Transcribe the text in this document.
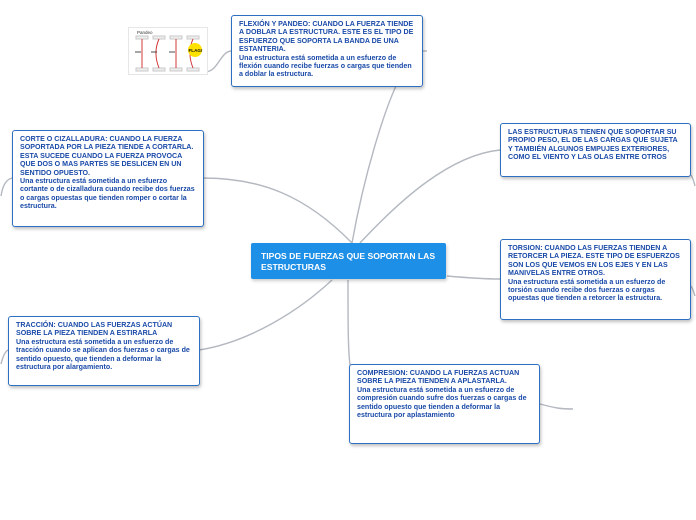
Pandeo
FLAG!
TIPOS DE FUERZAS QUE SOPORTAN LAS ESTRUCTURAS
FLEXIÓN Y PANDEO: CUANDO LA FUERZA TIENDE A DOBLAR LA ESTRUCTURA. ESTE ES EL TIPO DE ESFUERZO QUE SOPORTA LA BANDA DE UNA ESTANTERIA.
Una estructura está sometida a un esfuerzo de flexión cuando recibe fuerzas o cargas que tienden a doblar la estructura.
CORTE O CIZALLADURA: CUANDO LA FUERZA SOPORTADA POR LA PIEZA TIENDE A CORTARLA. ESTA SUCEDE CUANDO LA FUERZA PROVOCA QUE DOS O MAS PARTES SE DESLICEN EN UN SENTIDO OPUESTO.
Una estructura está sometida a un esfuerzo cortante o de cizalladura cuando recibe dos fuerzas o cargas opuestas que tienden romper o cortar la estructura.
LAS ESTRUCTURAS TIENEN QUE SOPORTAR SU PROPIO PESO, EL DE LAS CARGAS QUE SUJETA Y TAMBIÉN ALGUNOS EMPUJES EXTERIORES, COMO EL VIENTO Y LAS OLAS ENTRE OTROS
TORSION: CUANDO LAS FUERZAS TIENDEN A RETORCER LA PIEZA. ESTE TIPO DE ESFUERZOS SON LOS QUE VEMOS EN LOS EJES Y EN LAS MANIVELAS ENTRE OTROS.
Una estructura está sometida a un esfuerzo de torsión cuando recibe dos fuerzas o cargas opuestas que tienden a retorcer la estructura.
TRACCIÓN: CUANDO LAS FUERZAS ACTÚAN SOBRE LA PIEZA TIENDEN A ESTIRARLA
Una estructura está sometida a un esfuerzo de tracción cuando se aplican dos fuerzas o cargas de sentido opuesto, que tienden a deformar la estructura por alargamiento.
COMPRESION: CUANDO LA FUERZAS ACTUAN SOBRE LA PIEZA TIENDEN A APLASTARLA.
Una estructura está sometida a un esfuerzo de compresión cuando sufre dos fuerzas o cargas de sentido opuesto que tienden a deformar la estructura por aplastamiento
